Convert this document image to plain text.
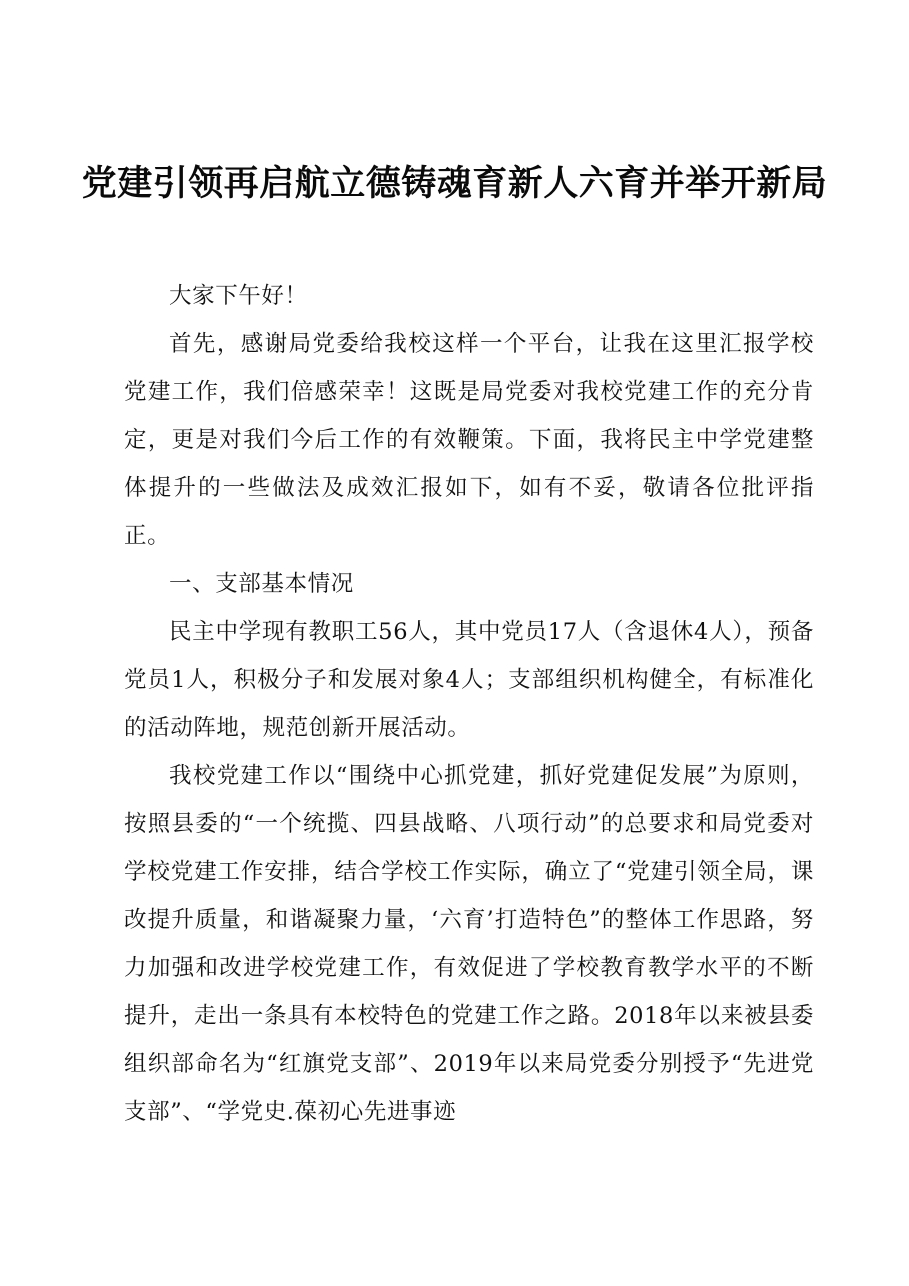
党建引领再启航立德铸魂育新人六育并举开新局

大家下午好！

首先，感谢局党委给我校这样一个平台，让我在这里汇报学校党建工作，我们倍感荣幸！这既是局党委对我校党建工作的充分肯定，更是对我们今后工作的有效鞭策。下面，我将民主中学党建整体提升的一些做法及成效汇报如下，如有不妥，敬请各位批评指正。

一、支部基本情况

民主中学现有教职工56人，其中党员17人（含退休4人），预备党员1人，积极分子和发展对象4人；支部组织机构健全，有标准化的活动阵地，规范创新开展活动。

我校党建工作以“围绕中心抓党建，抓好党建促发展”为原则，按照县委的“一个统揽、四县战略、八项行动”的总要求和局党委对学校党建工作安排，结合学校工作实际，确立了“党建引领全局，课改提升质量，和谐凝聚力量，‘六育’打造特色”的整体工作思路，努力加强和改进学校党建工作，有效促进了学校教育教学水平的不断提升，走出一条具有本校特色的党建工作之路。2018年以来被县委组织部命名为“红旗党支部”、2019年以来局党委分别授予“先进党支部”、“学党史.葆初心先进事迹
